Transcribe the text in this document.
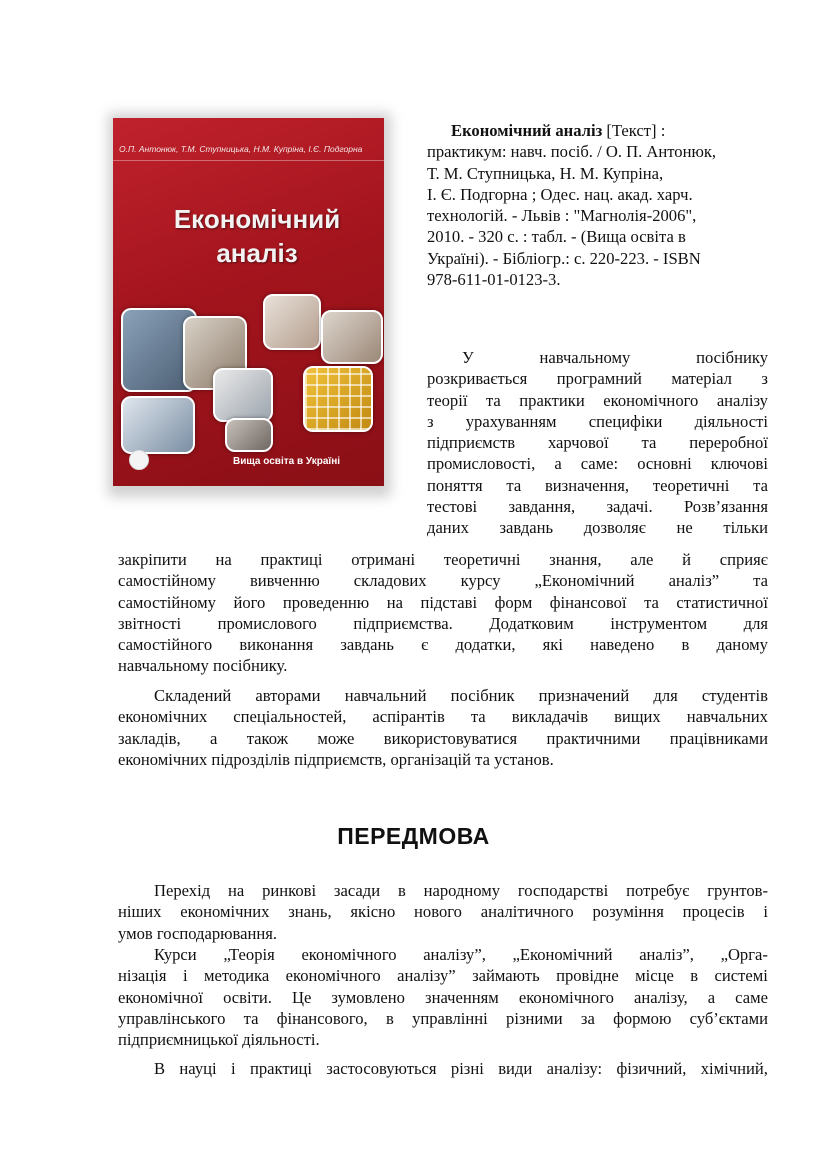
О.П. Антонюк, Т.М. Ступницька, Н.М. Купріна, І.Є. Подгорна
Економічний
аналіз
Вища освіта в Україні

Економічний аналіз [Текст] :

практикум: навч. посіб. / О. П. Антонюк,

Т. М. Ступницька, Н. М. Купріна,

І. Є. Подгорна ; Одес. нац. акад. харч.

технологій. - Львів : "Магнолія-2006",

2010. - 320 с. : табл. - (Вища освіта в

Україні). - Бібліогр.: с. 220-223. - ISBN

978-611-01-0123-3.

У	навчальному	посібнику
розкривається програмний матеріал з
теорії та практики економічного аналізу
з урахуванням специфіки діяльності
підприємств харчової та переробної
промисловості, а саме: основні ключові
поняття та визначення, теоретичні та
тестові завдання, задачі. Розв’язання
даних завдань дозволяє не тільки
закріпити на практиці отримані теоретичні знання, але й сприяє
самостійному вивченню складових курсу „Економічний аналіз” та
самостійному його проведенню на підставі форм фінансової та статистичної
звітності промислового підприємства. Додатковим інструментом для
самостійного виконання завдань є додатки, які наведено в даному
навчальному посібнику.
Складений авторами навчальний посібник призначений для студентів
економічних спеціальностей, аспірантів та викладачів вищих навчальних
закладів, а також може використовуватися практичними працівниками
економічних підрозділів підприємств, організацій та установ.
ПЕРЕДМОВА
Перехід на ринкові засади в народному господарстві потребує грунтов-
ніших економічних знань, якісно нового аналітичного розуміння процесів і
умов господарювання.
Курси „Теорія економічного аналізу”, „Економічний аналіз”, „Орга-
нізація і методика економічного аналізу” займають провідне місце в системі
економічної освіти. Це зумовлено значенням економічного аналізу, а саме
управлінського та фінансового, в управлінні різними за формою суб’єктами
підприємницької діяльності.
В науці і практиці застосовуються різні види аналізу: фізичний, хімічний,
